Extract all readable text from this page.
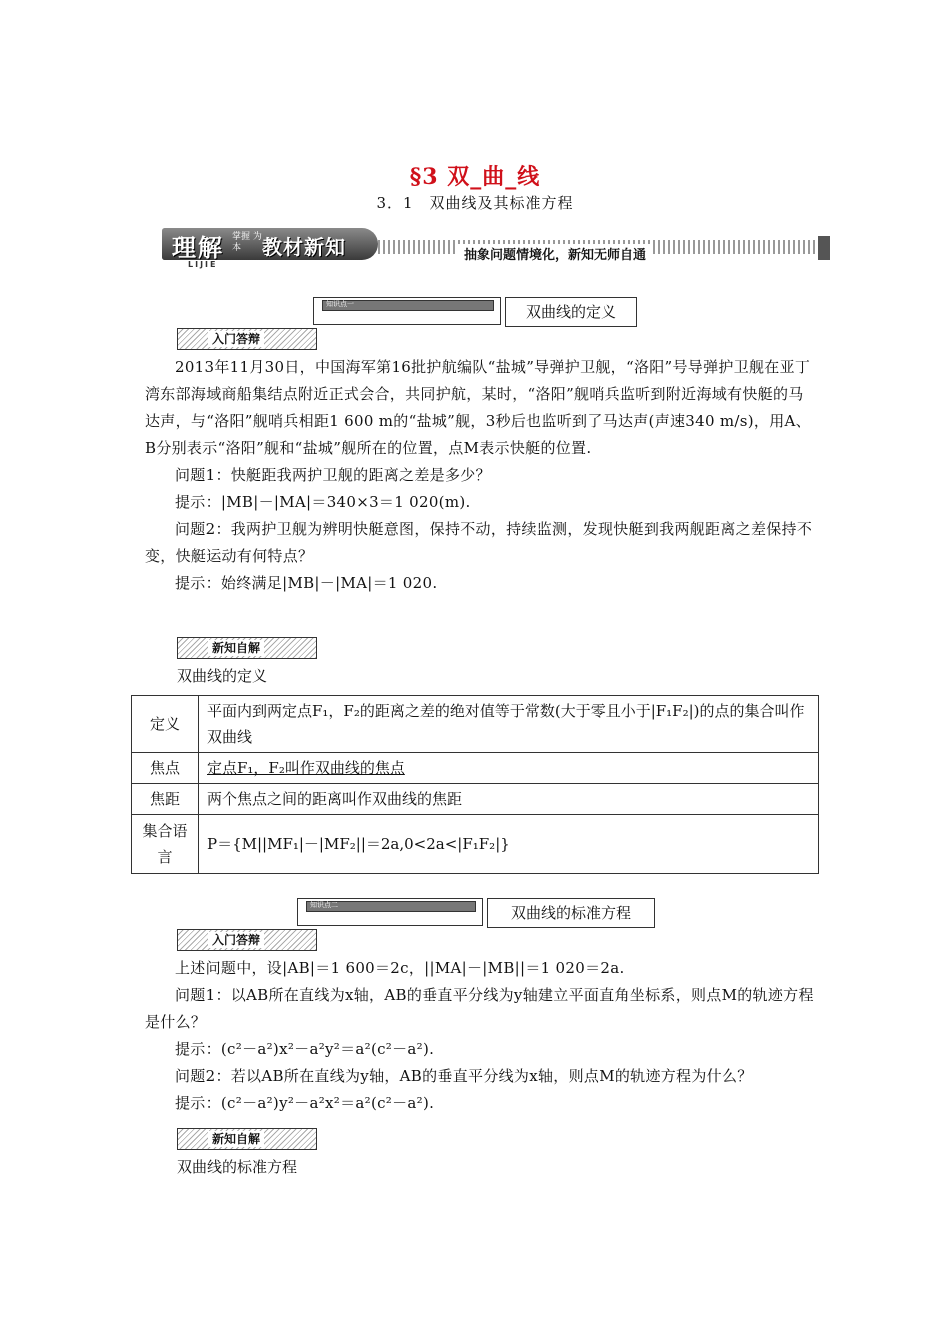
§3 双_曲_线
3．1　双曲线及其标准方程
理解 掌握 为本	教材新知
LIJIE
抽象问题情境化，新知无师自通
知识点一	双曲线的定义
入门答辩

2013年11月30日，中国海军第16批护航编队“盐城”导弹护卫舰，“洛阳”号导弹护卫舰在亚丁湾东部海域商船集结点附近正式会合，共同护航，某时，“洛阳”舰哨兵监听到附近海域有快艇的马达声，与“洛阳”舰哨兵相距1 600 m的“盐城”舰，3秒后也监听到了马达声(声速340 m/s)，用A、B分别表示“洛阳”舰和“盐城”舰所在的位置，点M表示快艇的位置.

问题1：快艇距我两护卫舰的距离之差是多少？

提示：|MB|－|MA|＝340×3＝1 020(m).

问题2：我两护卫舰为辨明快艇意图，保持不动，持续监测，发现快艇到我两舰距离之差保持不变，快艇运动有何特点？

提示：始终满足|MB|－|MA|＝1 020.

新知自解
双曲线的定义
定义	平面内到两定点F₁，F₂的距离之差的绝对值等于常数(大于零且小于|F₁F₂|)的点的集合叫作双曲线
焦点	定点F₁，F₂叫作双曲线的焦点
焦距	两个焦点之间的距离叫作双曲线的焦距
集合语言	P＝{M||MF₁|－|MF₂||＝2a,0<2a<|F₁F₂|}
知识点二	双曲线的标准方程
入门答辩

上述问题中，设|AB|＝1 600＝2c，||MA|－|MB||＝1 020＝2a.

问题1：以AB所在直线为x轴，AB的垂直平分线为y轴建立平面直角坐标系，则点M的轨迹方程是什么？

提示：(c²－a²)x²－a²y²＝a²(c²－a²).

问题2：若以AB所在直线为y轴，AB的垂直平分线为x轴，则点M的轨迹方程为什么？

提示：(c²－a²)y²－a²x²＝a²(c²－a²).

新知自解
双曲线的标准方程
